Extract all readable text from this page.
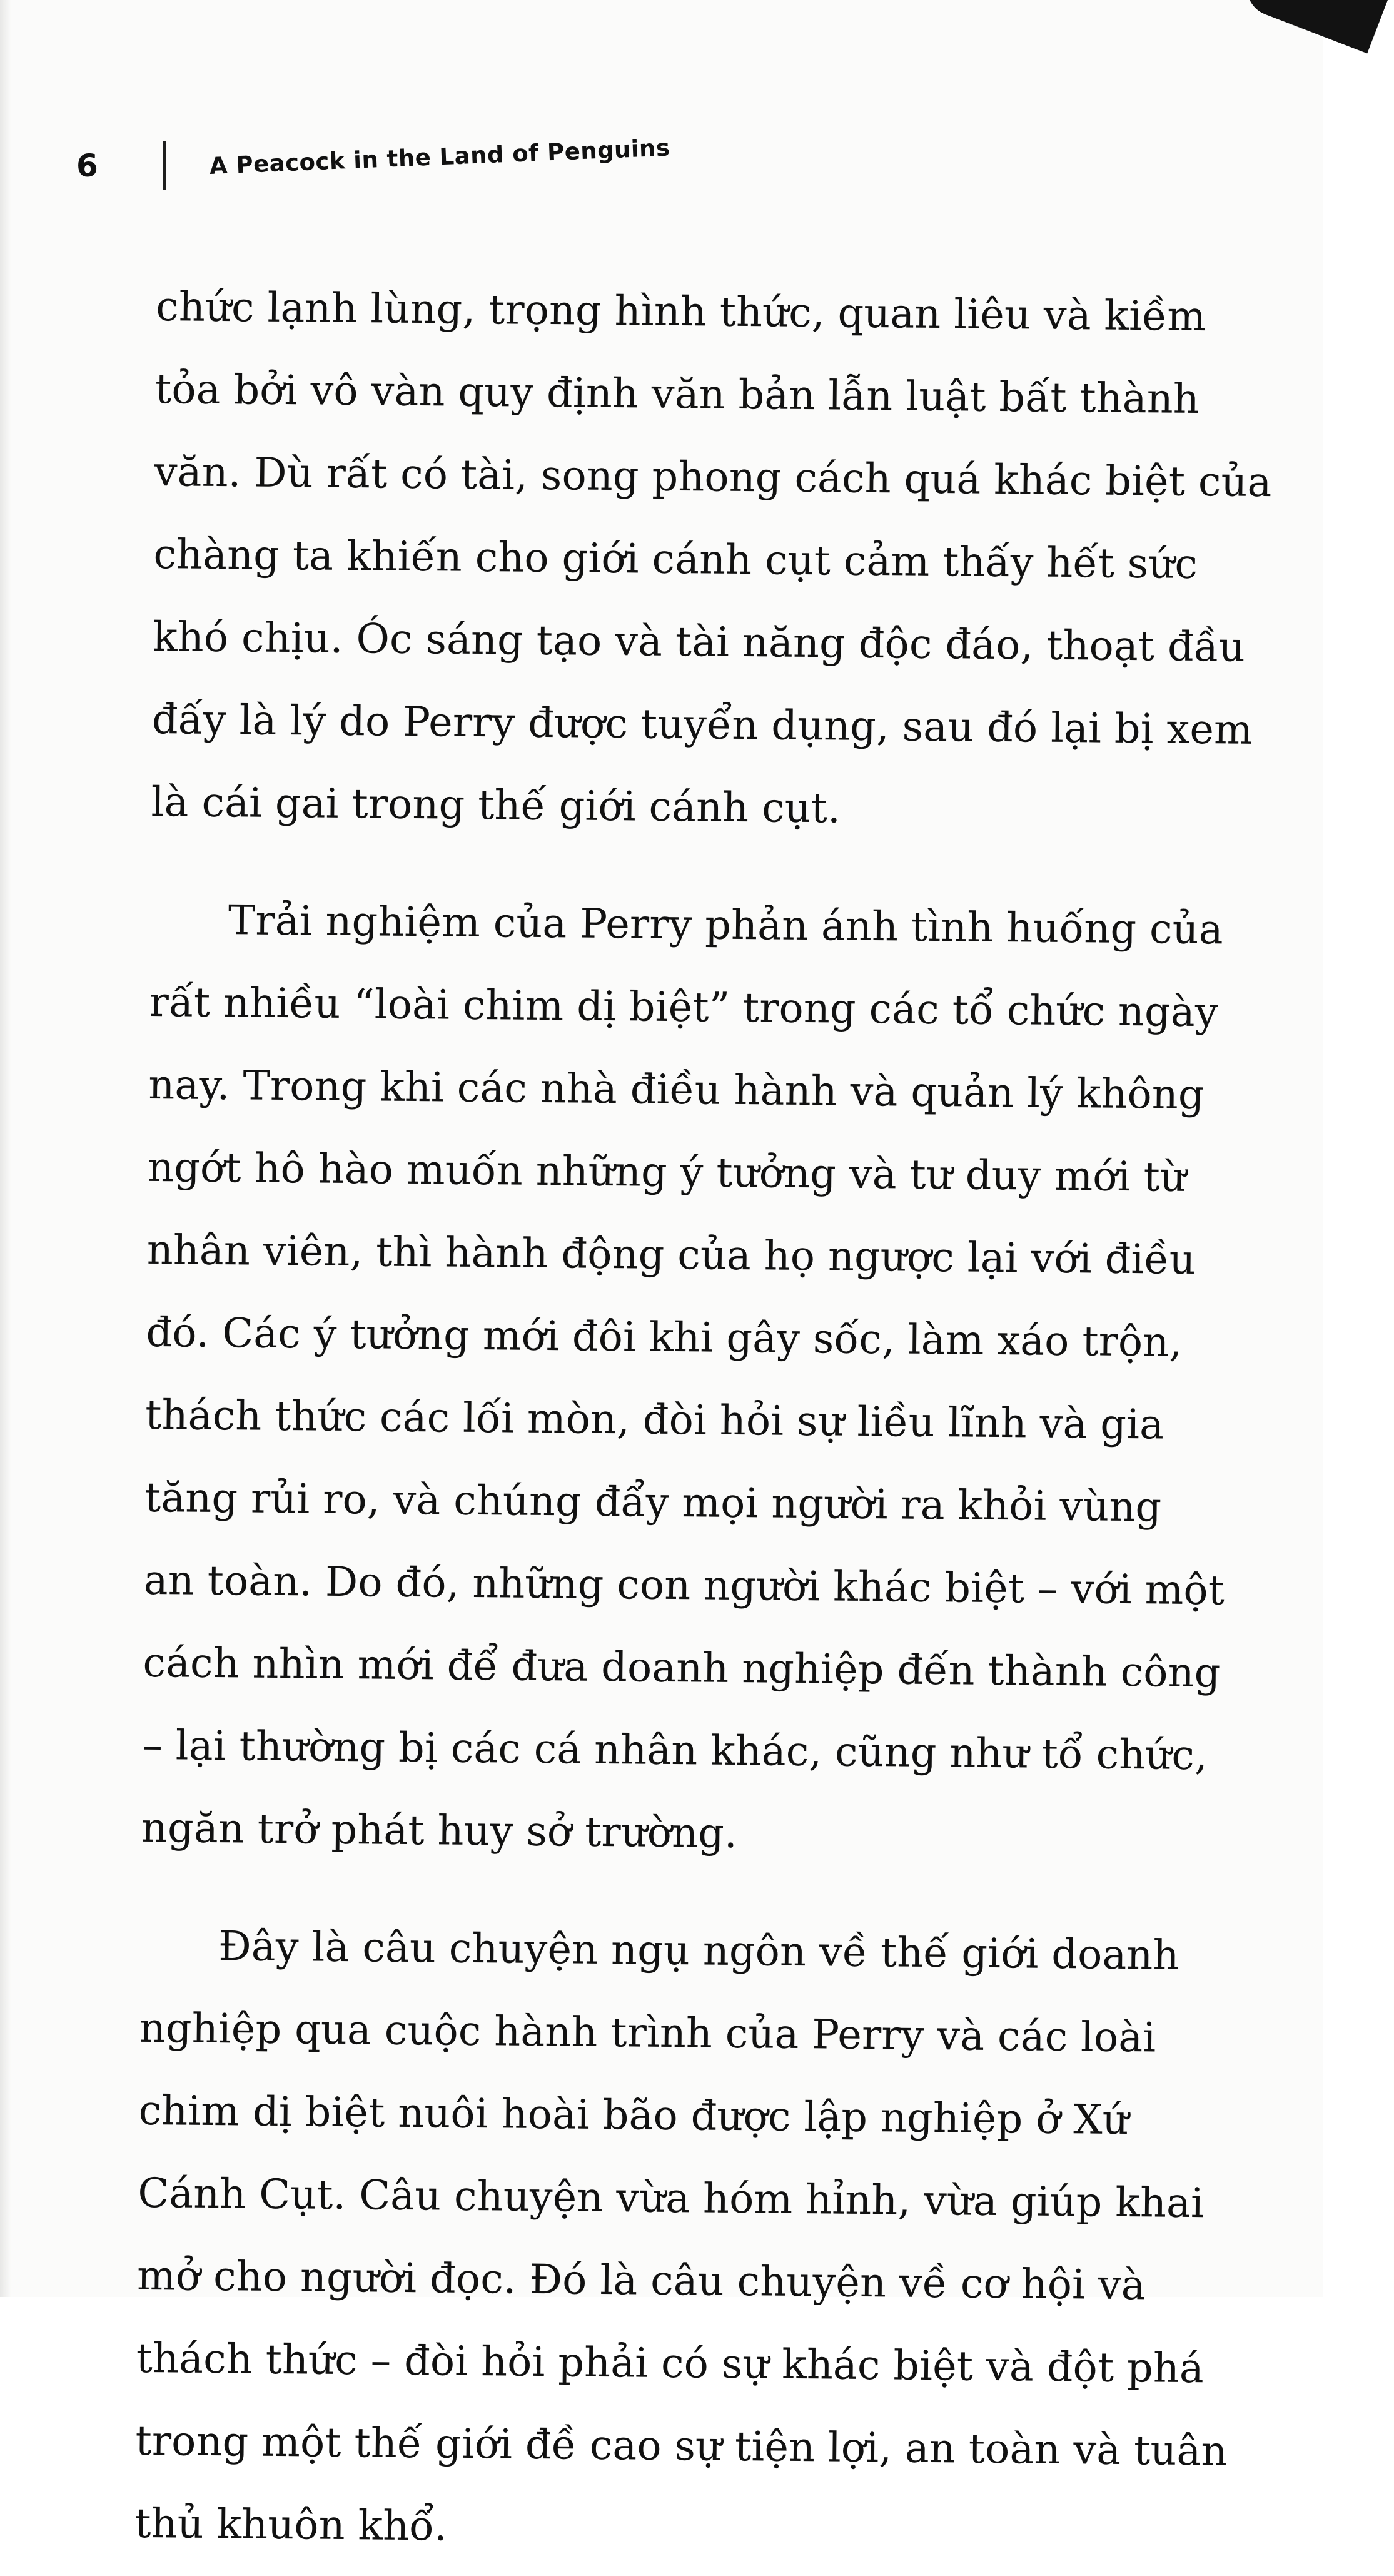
6	A Peacock in the Land of Penguins
chức lạnh lùng, trọng hình thức, quan liêu và kiềm
tỏa bởi vô vàn quy định văn bản lẫn luật bất thành
văn. Dù rất có tài, song phong cách quá khác biệt của
chàng ta khiến cho giới cánh cụt cảm thấy hết sức
khó chịu. Óc sáng tạo và tài năng độc đáo, thoạt đầu
đấy là lý do Perry được tuyển dụng, sau đó lại bị xem
là cái gai trong thế giới cánh cụt.
Trải nghiệm của Perry phản ánh tình huống của
rất nhiều “loài chim dị biệt” trong các tổ chức ngày
nay. Trong khi các nhà điều hành và quản lý không
ngớt hô hào muốn những ý tưởng và tư duy mới từ
nhân viên, thì hành động của họ ngược lại với điều
đó. Các ý tưởng mới đôi khi gây sốc, làm xáo trộn,
thách thức các lối mòn, đòi hỏi sự liều lĩnh và gia
tăng rủi ro, và chúng đẩy mọi người ra khỏi vùng
an toàn. Do đó, những con người khác biệt – với một
cách nhìn mới để đưa doanh nghiệp đến thành công
– lại thường bị các cá nhân khác, cũng như tổ chức,
ngăn trở phát huy sở trường.
Đây là câu chuyện ngụ ngôn về thế giới doanh
nghiệp qua cuộc hành trình của Perry và các loài
chim dị biệt nuôi hoài bão được lập nghiệp ở Xứ
Cánh Cụt. Câu chuyện vừa hóm hỉnh, vừa giúp khai
mở cho người đọc. Đó là câu chuyện về cơ hội và
thách thức – đòi hỏi phải có sự khác biệt và đột phá
trong một thế giới đề cao sự tiện lợi, an toàn và tuân
thủ khuôn khổ.
